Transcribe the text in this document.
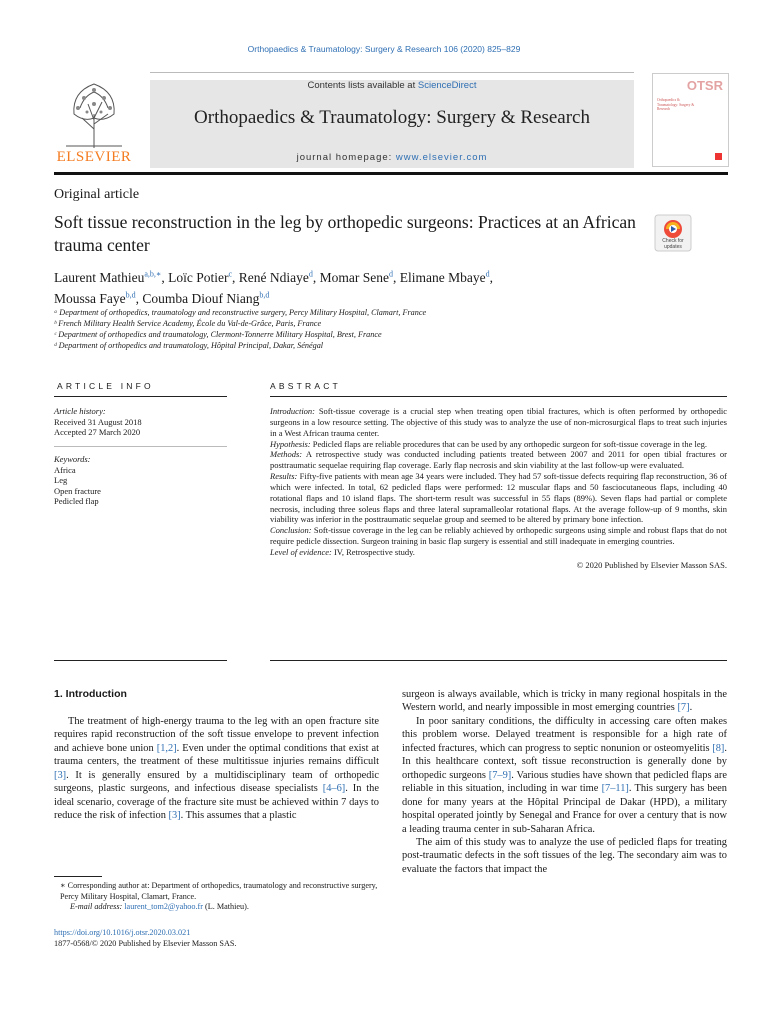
Orthopaedics & Traumatology: Surgery & Research 106 (2020) 825–829
ELSEVIER
Contents lists available at ScienceDirect
Orthopaedics & Traumatology: Surgery & Research
journal homepage: www.elsevier.com
OTSR
Orthopaedics & Traumatology: Surgery & Research
Original article
Soft tissue reconstruction in the leg by orthopedic surgeons: Practices at an African trauma center	Check for updates
Laurent Mathieu$^{a,b,∗}$, Loïc Potier$^c$, René Ndiaye$^d$, Momar Sene$^d$, Elimane Mbaye$^d$,
Moussa Faye$^{b,d}$, Coumba Diouf Niang$^{b,d}$
ᵃ Department of orthopedics, traumatology and reconstructive surgery, Percy Military Hospital, Clamart, France
ᵇ French Military Health Service Academy, École du Val-de-Grâce, Paris, France
ᶜ Department of orthopedics and traumatology, Clermont-Tonnerre Military Hospital, Brest, France
ᵈ Department of orthopedics and traumatology, Hôpital Principal, Dakar, Sénégal
ARTICLE INFO
Article history:
Received 31 August 2018
Accepted 27 March 2020
Keywords:
Africa
Leg
Open fracture
Pedicled flap
ABSTRACT

Introduction: Soft-tissue coverage is a crucial step when treating open tibial fractures, which is often performed by orthopedic surgeons in a low resource setting. The objective of this study was to analyze the use of non-microsurgical flaps to treat such injuries in a West African trauma center.

Hypothesis: Pedicled flaps are reliable procedures that can be used by any orthopedic surgeon for soft-tissue coverage in the leg.

Methods: A retrospective study was conducted including patients treated between 2007 and 2011 for open tibial fractures or posttraumatic sequelae requiring flap coverage. Early flap necrosis and skin viability at the last follow-up were evaluated.

Results: Fifty-five patients with mean age 34 years were included. They had 57 soft-tissue defects requiring flap reconstruction, 36 of which were infected. In total, 62 pedicled flaps were performed: 12 muscular flaps and 50 fasciocutaneous flaps, including 40 rotational flaps and 10 island flaps. The short-term result was successful in 55 flaps (89%). Seven flaps had partial or complete necrosis, including three soleus flaps and three lateral supramalleolar rotational flaps. At the average follow-up of 9 months, skin viability was inferior in the posttraumatic sequelae group and seemed to be altered by primary bone infection.

Conclusion: Soft-tissue coverage in the leg can be reliably achieved by orthopedic surgeons using simple and robust flaps that do not require pedicle dissection. Surgeon training in basic flap surgery is essential and still inadequate in emerging countries.

Level of evidence: IV, Retrospective study.

© 2020 Published by Elsevier Masson SAS.

1. Introduction

The treatment of high-energy trauma to the leg with an open fracture site requires rapid reconstruction of the soft tissue envelope to prevent infection and achieve bone union [1,2]. Even under the optimal conditions that exist at trauma centers, the treatment of these multitissue injuries remains difficult [3]. It is generally ensured by a multidisciplinary team of orthopedic surgeons, plastic surgeons, and infectious disease specialists [4–6]. In the ideal scenario, coverage of the fracture site must be achieved within 7 days to reduce the risk of infection [3]. This assumes that a plastic

surgeon is always available, which is tricky in many regional hospitals in the Western world, and nearly impossible in most emerging countries [7].

In poor sanitary conditions, the difficulty in accessing care often makes this problem worse. Delayed treatment is responsible for a high rate of infected fractures, which can progress to septic nonunion or osteomyelitis [8]. In this healthcare context, soft tissue reconstruction is generally done by orthopedic surgeons [7–9]. Various studies have shown that pedicled flaps are reliable in this situation, including in war time [7–11]. This surgery has been done for many years at the Hôpital Principal de Dakar (HPD), a military hospital operated jointly by Senegal and France for over a century that is now a leading trauma center in sub-Saharan Africa.

The aim of this study was to analyze the use of pedicled flaps for treating post-traumatic defects in the soft tissues of the leg. The secondary aim was to evaluate the factors that impact the

∗ Corresponding author at: Department of orthopedics, traumatology and reconstructive surgery, Percy Military Hospital, Clamart, France.
E-mail address: laurent_tom2@yahoo.fr (L. Mathieu).
https://doi.org/10.1016/j.otsr.2020.03.021
1877-0568/© 2020 Published by Elsevier Masson SAS.
